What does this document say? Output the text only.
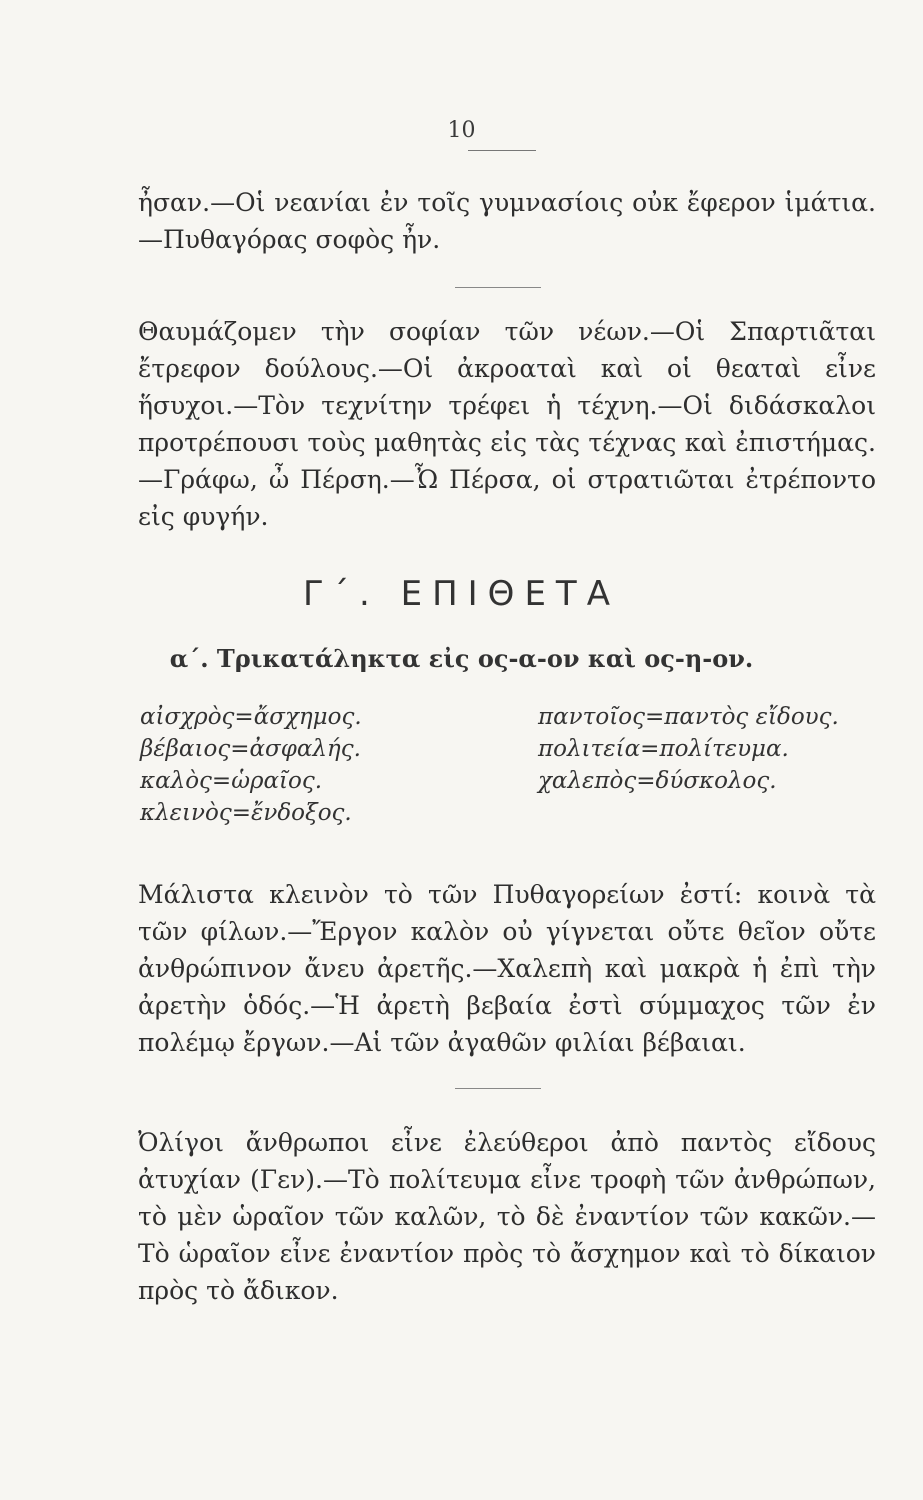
10

ἦσαν.—Οἱ νεανίαι ἐν τοῖς γυμνασίοις οὐκ ἔφερον ἱμάτια.—Πυθαγόρας σοφὸς ἦν.

Θαυμάζομεν τὴν σοφίαν τῶν νέων.—Οἱ Σπαρτιᾶται ἔτρεφον δούλους.—Οἱ ἀκροαταὶ καὶ οἱ θεαταὶ εἶνε ἥσυχοι.—Τὸν τεχνίτην τρέφει ἡ τέχνη.—Οἱ διδάσκαλοι προτρέπουσι τοὺς μαθητὰς εἰς τὰς τέχνας καὶ ἐπιστήμας.—Γράφω, ὦ Πέρση.—Ὦ Πέρσα, οἱ στρατιῶται ἐτρέποντο εἰς φυγήν.

Γ΄. ΕΠΙΘΕΤΑ
α΄. Τρικατάληκτα εἰς ος-α-ον καὶ ος-η-ον.
αἰσχρὸς=ἄσχημος.
βέβαιος=ἀσφαλής.
καλὸς=ὡραῖος.
κλεινὸς=ἔνδοξος.
παντοῖος=παντὸς εἴδους.
πολιτεία=πολίτευμα.
χαλεπὸς=δύσκολος.

Μάλιστα κλεινὸν τὸ τῶν Πυθαγορείων ἐστί: κοινὰ τὰ τῶν φίλων.—Ἔργον καλὸν οὐ γίγνεται οὔτε θεῖον οὔτε ἀνθρώπινον ἄνευ ἀρετῆς.—Χαλεπὴ καὶ μακρὰ ἡ ἐπὶ τὴν ἀρετὴν ὁδός.—Ἡ ἀρετὴ βεβαία ἐστὶ σύμμαχος τῶν ἐν πολέμῳ ἔργων.—Αἱ τῶν ἀγαθῶν φιλίαι βέβαιαι.

Ὀλίγοι ἄνθρωποι εἶνε ἐλεύθεροι ἀπὸ παντὸς εἴδους ἀτυχίαν (Γεν).—Τὸ πολίτευμα εἶνε τροφὴ τῶν ἀνθρώπων, τὸ μὲν ὡραῖον τῶν καλῶν, τὸ δὲ ἐναντίον τῶν κακῶν.—Τὸ ὡραῖον εἶνε ἐναντίον πρὸς τὸ ἄσχημον καὶ τὸ δίκαιον πρὸς τὸ ἄδικον.
